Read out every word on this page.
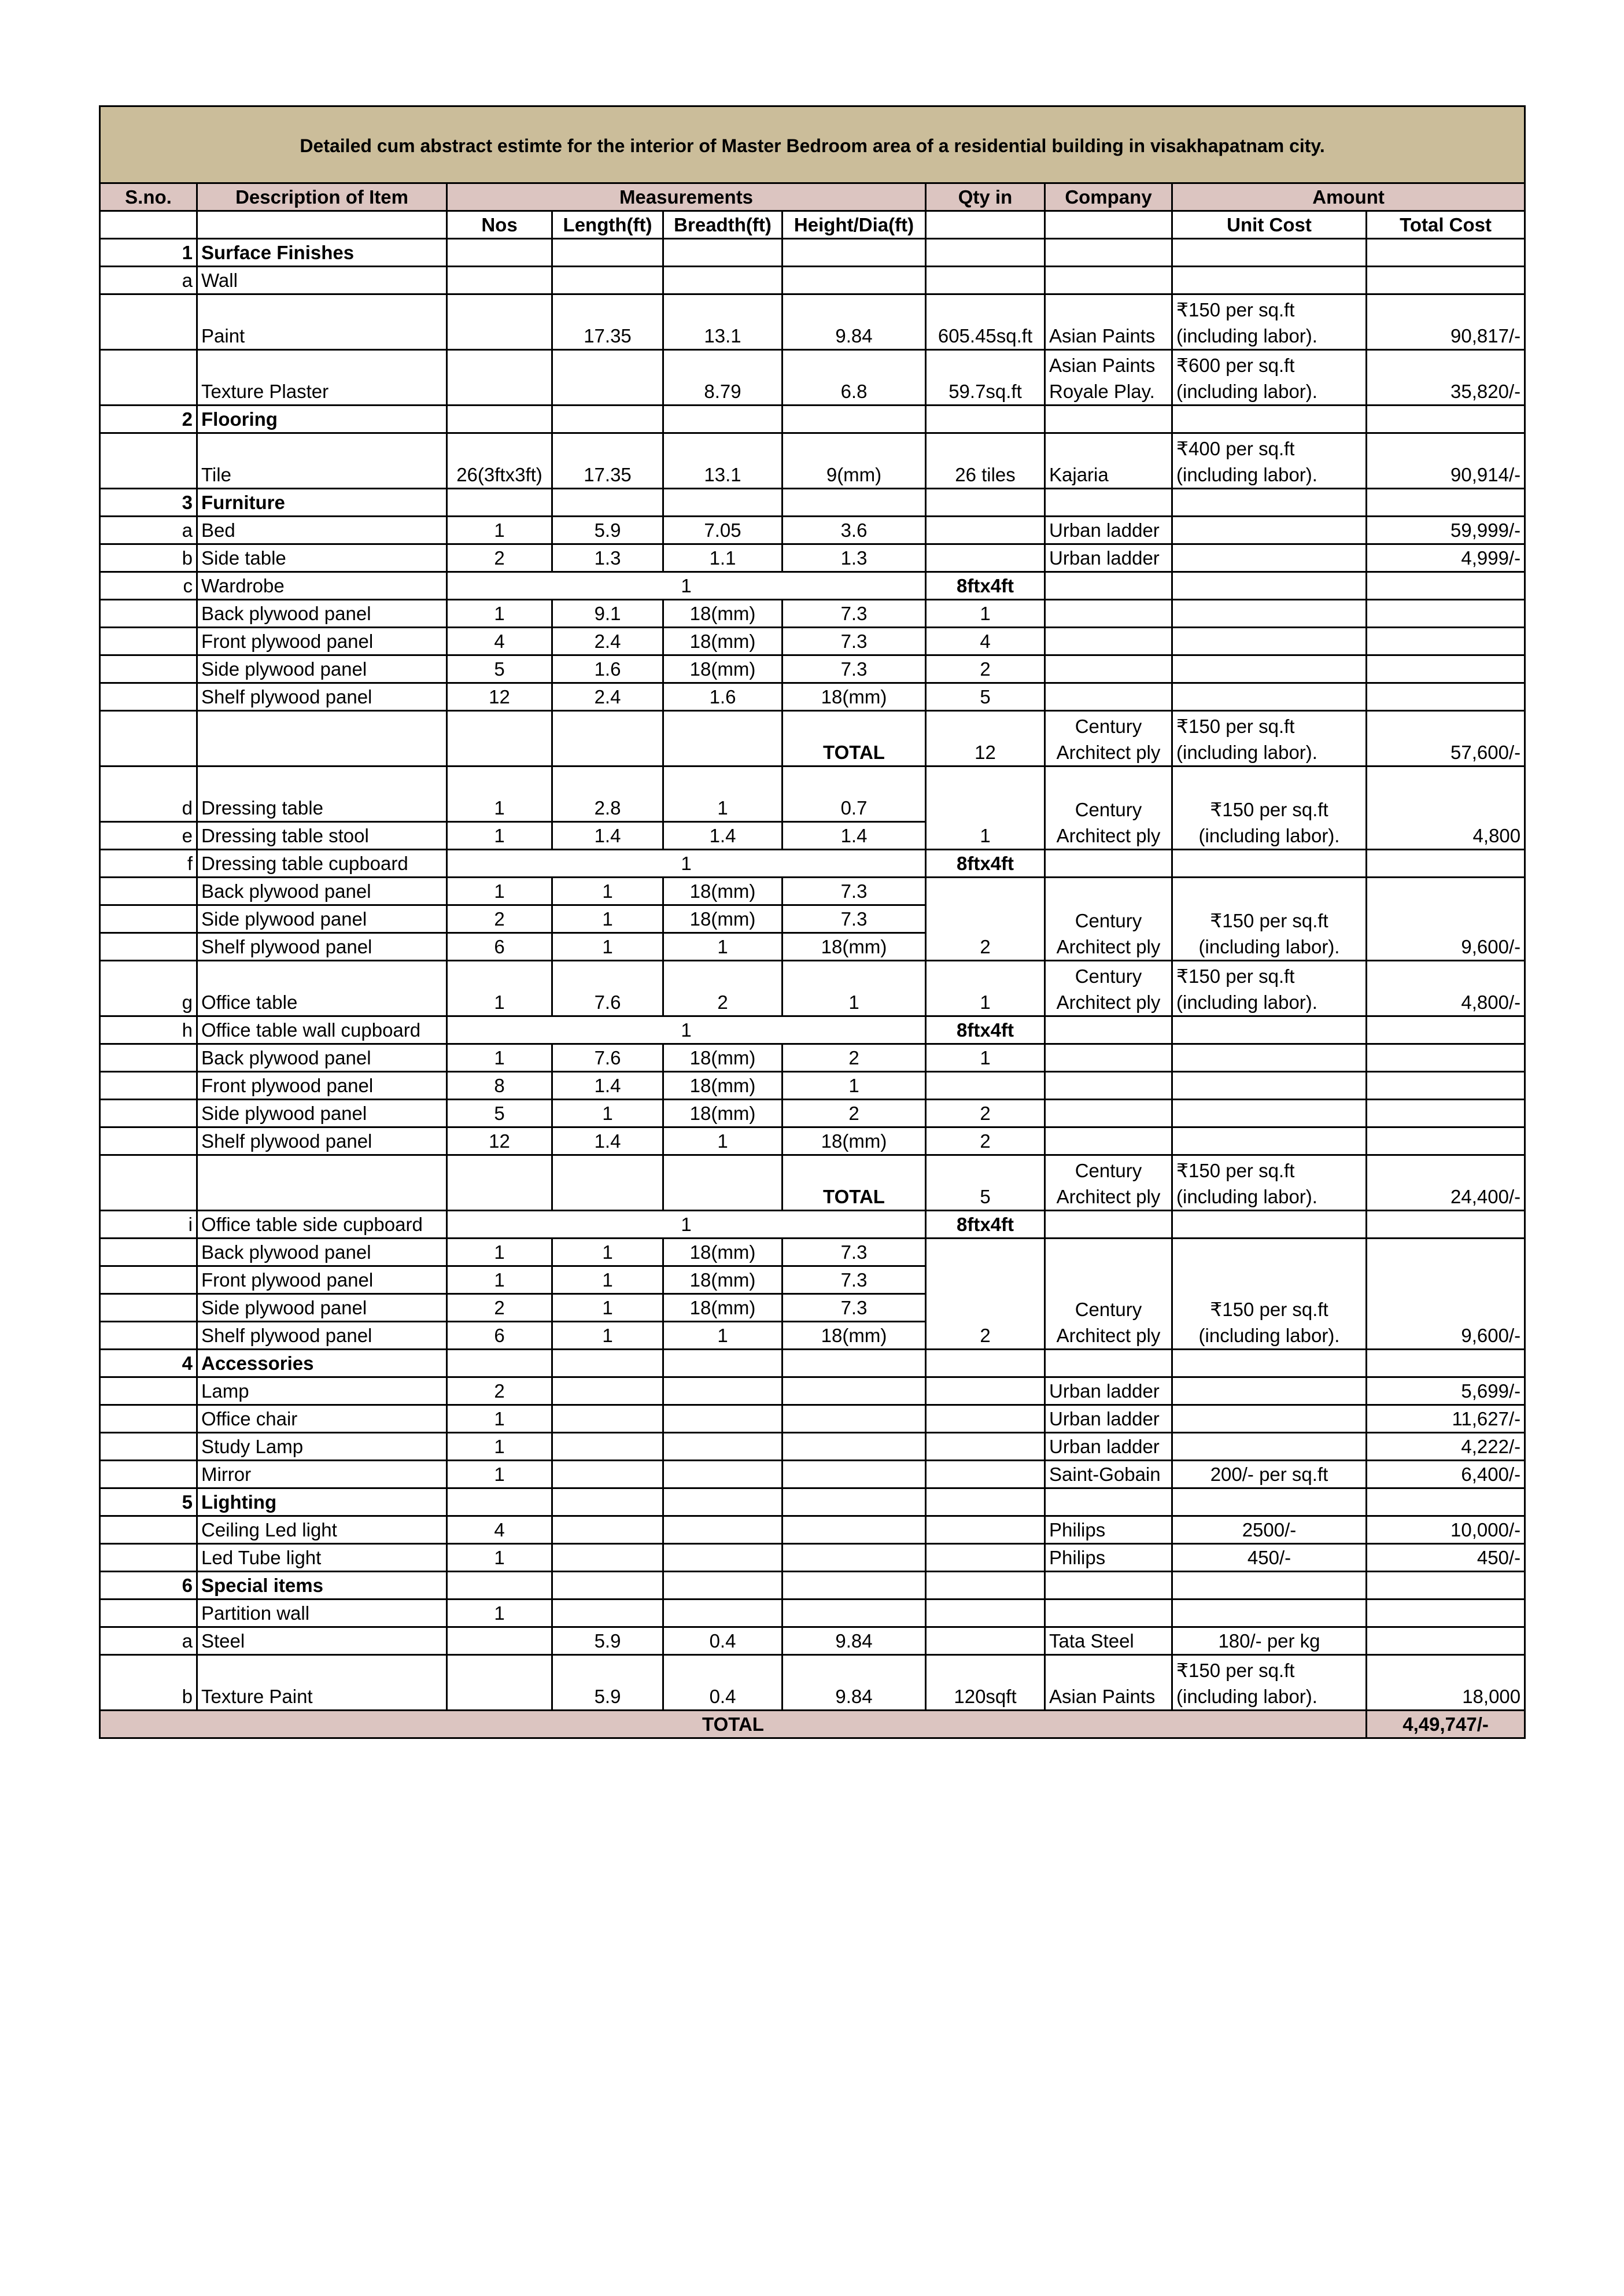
Detailed cum abstract estimte for the interior of Master Bedroom area of a residential building in visakhapatnam city.									
S.no.	Description of Item	Measurements				Qty in	Company	Amount	
		Nos	Length(ft)	Breadth(ft)	Height/Dia(ft)			Unit Cost	Total Cost
1	Surface Finishes								
a	Wall								
	Paint		17.35	13.1	9.84	605.45sq.ft	Asian Paints	₹150 per sq.ft (including labor).	90,817/-
	Texture Plaster			8.79	6.8	59.7sq.ft	Asian Paints Royale Play.	₹600 per sq.ft (including labor).	35,820/-
2	Flooring								
	Tile	26(3ftx3ft)	17.35	13.1	9(mm)	26 tiles	Kajaria	₹400 per sq.ft (including labor).	90,914/-
3	Furniture								
a	Bed	1	5.9	7.05	3.6		Urban ladder		59,999/-
b	Side table	2	1.3	1.1	1.3		Urban ladder		4,999/-
c	Wardrobe	1				8ftx4ft			
	Back plywood panel	1	9.1	18(mm)	7.3	1			
	Front plywood panel	4	2.4	18(mm)	7.3	4			
	Side plywood panel	5	1.6	18(mm)	7.3	2			
	Shelf plywood panel	12	2.4	1.6	18(mm)	5			
					TOTAL	12	Century Architect ply	₹150 per sq.ft (including labor).	57,600/-
d	Dressing table	1	2.8	1	0.7	1	Century Architect ply	₹150 per sq.ft (including labor).	4,800
e	Dressing table stool	1	1.4	1.4	1.4				
f	Dressing table cupboard	1				8ftx4ft			
	Back plywood panel	1	1	18(mm)	7.3	2	Century Architect ply	₹150 per sq.ft (including labor).	9,600/-
	Side plywood panel	2	1	18(mm)	7.3				
	Shelf plywood panel	6	1	1	18(mm)				
g	Office table	1	7.6	2	1	1	Century Architect ply	₹150 per sq.ft (including labor).	4,800/-
h	Office table wall cupboard	1				8ftx4ft			
	Back plywood panel	1	7.6	18(mm)	2	1			
	Front plywood panel	8	1.4	18(mm)	1				
	Side plywood panel	5	1	18(mm)	2	2			
	Shelf plywood panel	12	1.4	1	18(mm)	2			
					TOTAL	5	Century Architect ply	₹150 per sq.ft (including labor).	24,400/-
i	Office table side cupboard	1				8ftx4ft			
	Back plywood panel	1	1	18(mm)	7.3	2	Century Architect ply	₹150 per sq.ft (including labor).	9,600/-
	Front plywood panel	1	1	18(mm)	7.3				
	Side plywood panel	2	1	18(mm)	7.3				
	Shelf plywood panel	6	1	1	18(mm)				
4	Accessories								
	Lamp	2					Urban ladder		5,699/-
	Office chair	1					Urban ladder		11,627/-
	Study Lamp	1					Urban ladder		4,222/-
	Mirror	1					Saint-Gobain	200/- per sq.ft	6,400/-
5	Lighting								
	Ceiling Led light	4					Philips	2500/-	10,000/-
	Led Tube light	1					Philips	450/-	450/-
6	Special items								
	Partition wall	1							
a	Steel		5.9	0.4	9.84		Tata Steel	180/- per kg	
b	Texture Paint		5.9	0.4	9.84	120sqft	Asian Paints	₹150 per sq.ft (including labor).	18,000
TOTAL									4,49,747/-
